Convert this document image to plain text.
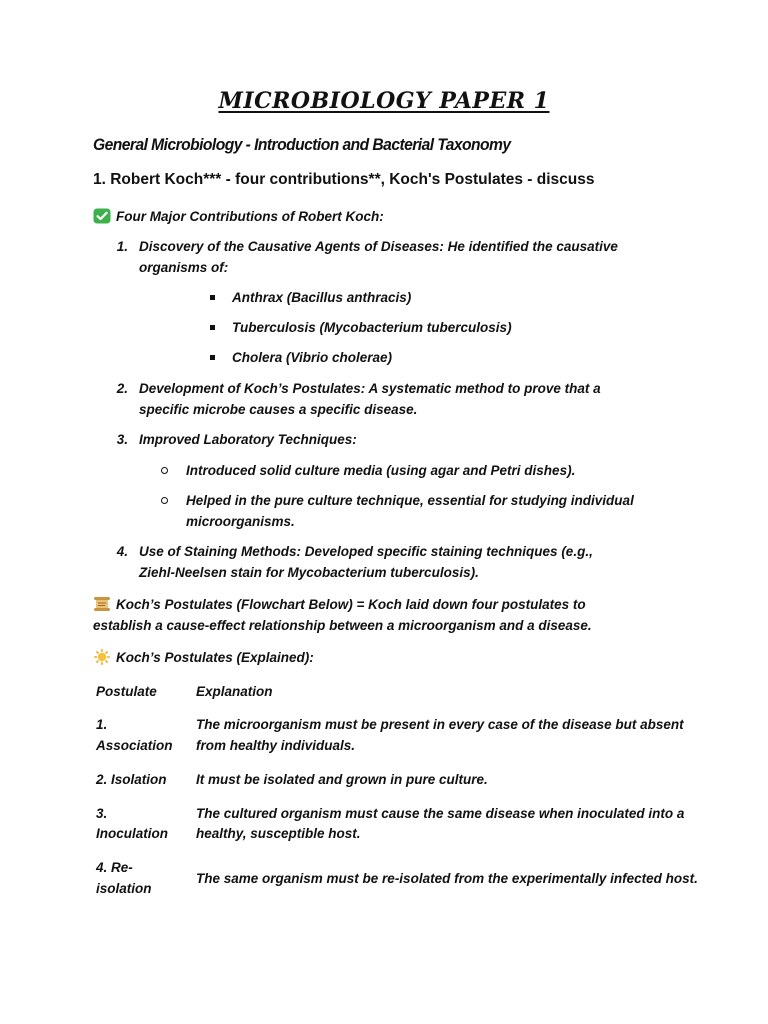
MICROBIOLOGY PAPER 1
General Microbiology - Introduction and Bacterial Taxonomy
1. Robert Koch*** - four contributions**, Koch's Postulates - discuss
Four Major Contributions of Robert Koch:
1. Discovery of the Causative Agents of Diseases: He identified the causative
organisms of:
Anthrax (Bacillus anthracis)
Tuberculosis (Mycobacterium tuberculosis)
Cholera (Vibrio cholerae)
2. Development of Koch’s Postulates: A systematic method to prove that a
specific microbe causes a specific disease.
3. Improved Laboratory Techniques:
Introduced solid culture media (using agar and Petri dishes).
Helped in the pure culture technique, essential for studying individual
microorganisms.
4. Use of Staining Methods: Developed specific staining techniques (e.g.,
Ziehl-Neelsen stain for Mycobacterium tuberculosis).
Koch’s Postulates (Flowchart Below) = Koch laid down four postulates to
establish a cause-effect relationship between a microorganism and a disease.
Koch’s Postulates (Explained):
Postulate	Explanation
1.
Association
The microorganism must be present in every case of the disease but absent
from healthy individuals.
2. Isolation	It must be isolated and grown in pure culture.
3.
Inoculation
The cultured organism must cause the same disease when inoculated into a
healthy, susceptible host.
4. Re-
isolation
The same organism must be re-isolated from the experimentally infected host.
